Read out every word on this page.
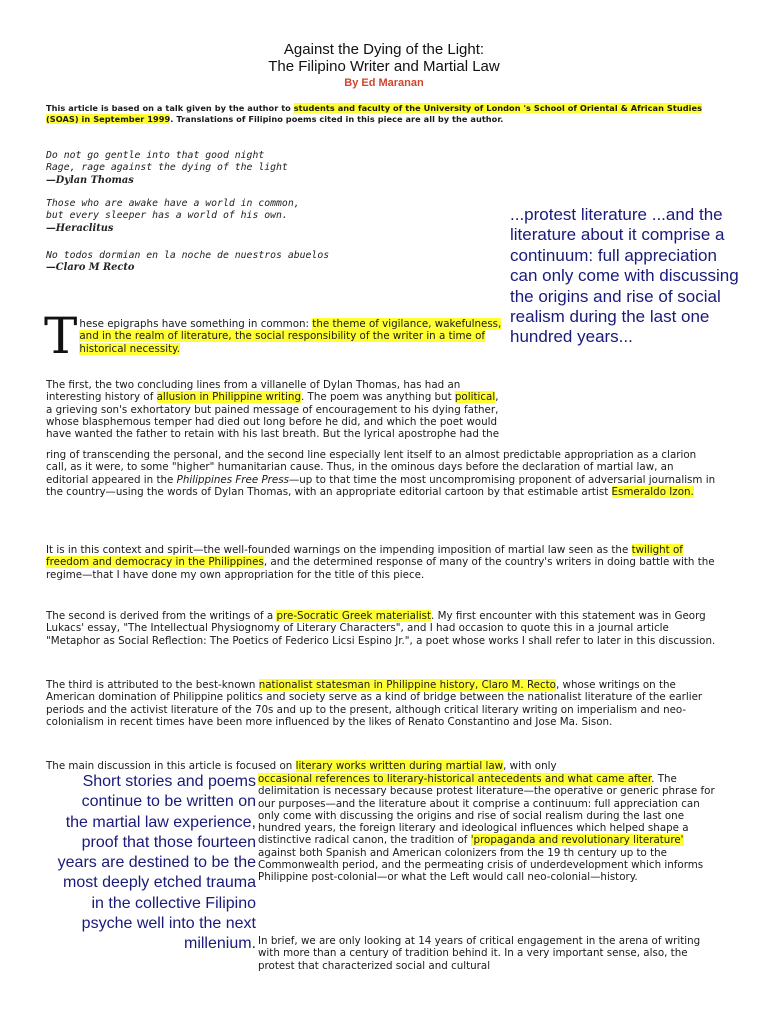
Against the Dying of the Light:
The Filipino Writer and Martial Law
By Ed Maranan
This article is based on a talk given by the author to students and faculty of the University of London 's School of Oriental & African Studies (SOAS) in September 1999. Translations of Filipino poems cited in this piece are all by the author.
Do not go gentle into that good night
Rage, rage against the dying of the light
—Dylan Thomas
Those who are awake have a world in common,
but every sleeper has a world of his own.
—Heraclitus
No todos dormian en la noche de nuestros abuelos
—Claro M Recto
...protest literature ...and the literature about it comprise a continuum: full appreciation can only come with discussing the origins and rise of social realism during the last one hundred years...
These epigraphs have something in common: the theme of vigilance, wakefulness, and in the realm of literature, the social responsibility of the writer in a time of historical necessity.
The first, the two concluding lines from a villanelle of Dylan Thomas, has had an interesting history of allusion in Philippine writing. The poem was anything but political, a grieving son's exhortatory but pained message of encouragement to his dying father, whose blasphemous temper had died out long before he did, and which the poet would have wanted the father to retain with his last breath. But the lyrical apostrophe had the
ring of transcending the personal, and the second line especially lent itself to an almost predictable appropriation as a clarion call, as it were, to some "higher" humanitarian cause. Thus, in the ominous days before the declaration of martial law, an editorial appeared in the Philippines Free Press—up to that time the most uncompromising proponent of adversarial journalism in the country—using the words of Dylan Thomas, with an appropriate editorial cartoon by that estimable artist Esmeraldo Izon.
It is in this context and spirit—the well-founded warnings on the impending imposition of martial law seen as the twilight of freedom and democracy in the Philippines, and the determined response of many of the country's writers in doing battle with the regime—that I have done my own appropriation for the title of this piece.
The second is derived from the writings of a pre-Socratic Greek materialist. My first encounter with this statement was in Georg Lukacs' essay, "The Intellectual Physiognomy of Literary Characters", and I had occasion to quote this in a journal article "Metaphor as Social Reflection: The Poetics of Federico Licsi Espino Jr.", a poet whose works I shall refer to later in this discussion.
The third is attributed to the best-known nationalist statesman in Philippine history, Claro M. Recto, whose writings on the American domination of Philippine politics and society serve as a kind of bridge between the nationalist literature of the earlier periods and the activist literature of the 70s and up to the present, although critical literary writing on imperialism and neo-colonialism in recent times have been more influenced by the likes of Renato Constantino and Jose Ma. Sison.
The main discussion in this article is focused on literary works written during martial law, with only
Short stories and poems continue to be written on the martial law experience, proof that those fourteen years are destined to be the most deeply etched trauma in the collective Filipino psyche well into the next millenium.
occasional references to literary-historical antecedents and what came after. The delimitation is necessary because protest literature—the operative or generic phrase for our purposes—and the literature about it comprise a continuum: full appreciation can only come with discussing the origins and rise of social realism during the last one hundred years, the foreign literary and ideological influences which helped shape a distinctive radical canon, the tradition of 'propaganda and revolutionary literature' against both Spanish and American colonizers from the 19 th century up to the Commonwealth period, and the permeating crisis of underdevelopment which informs Philippine post-colonial—or what the Left would call neo-colonial—history.
In brief, we are only looking at 14 years of critical engagement in the arena of writing with more than a century of tradition behind it. In a very important sense, also, the protest that characterized social and cultural
